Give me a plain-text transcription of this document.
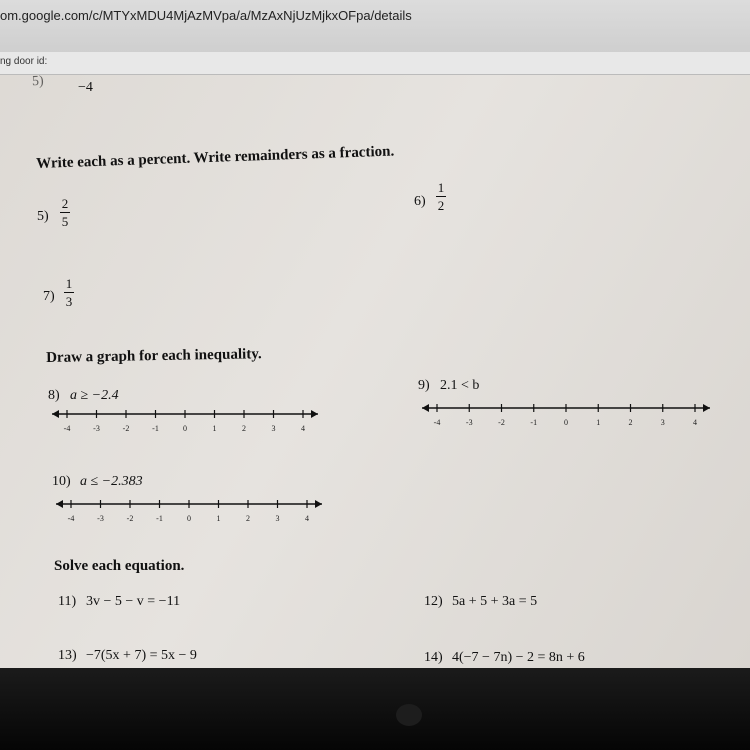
om.google.com/c/MTYxMDU4MjAzMVpa/a/MzAxNjUzMjkxOFpa/details
ng door id:
5) −4
Write each as a percent. Write remainders as a fraction.
5)
2
5
6)
1
2
7)
1
3
Draw a graph for each inequality.
8) a ≥ −2.4
9) 2.1 < b
10) a ≤ −2.383
-4	-3	-2	-1	0	1	2	3	4
-4	-3	-2	-1	0	1	2	3	4
-4	-3	-2	-1	0	1	2	3	4
Solve each equation.
11) 3v − 5 − v = −11	12) 5a + 5 + 3a = 5
13) −7(5x + 7) = 5x − 9	14) 4(−7 − 7n) − 2 = 8n + 6
